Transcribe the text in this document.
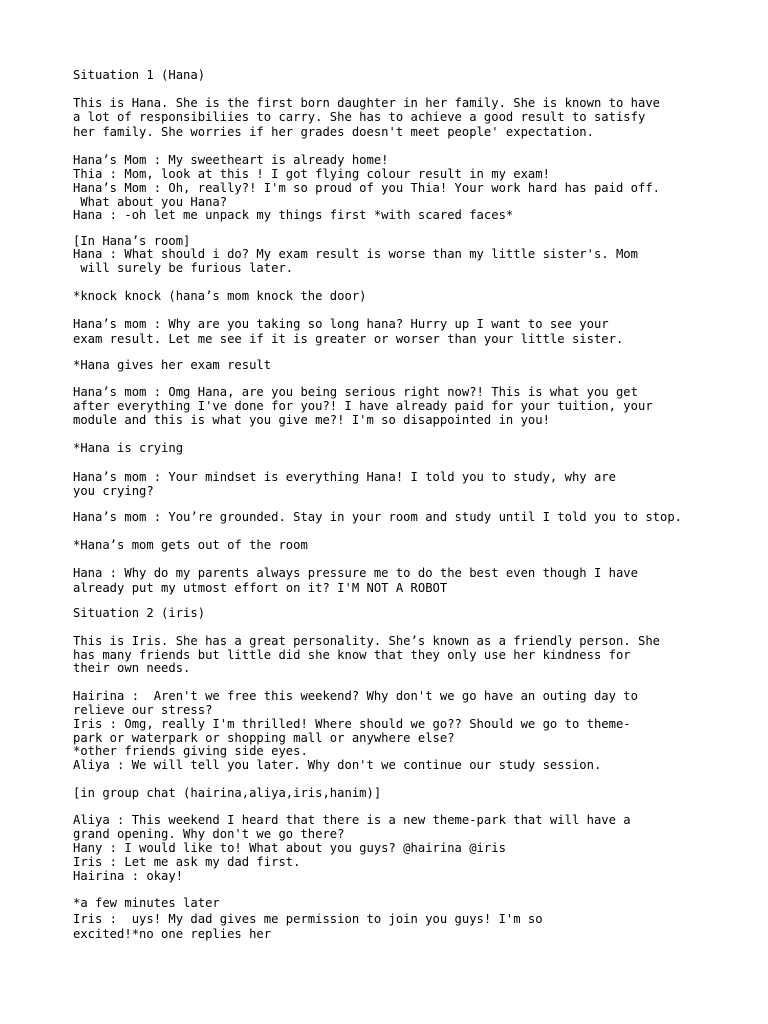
Situation 1 (Hana)

This is Hana. She is the first born daughter in her family. She is known to have

a lot of responsibiliies to carry. She has to achieve a good result to satisfy

her family. She worries if her grades doesn't meet people' expectation.

Hana’s Mom : My sweetheart is already home!

Thia : Mom, look at this ! I got flying colour result in my exam!

Hana’s Mom : Oh, really?! I'm so proud of you Thia! Your work hard has paid off.

What about you Hana?

Hana : -oh let me unpack my things first *with scared faces*

[In Hana’s room]

Hana : What should i do? My exam result is worse than my little sister's. Mom

will surely be furious later.

*knock knock (hana’s mom knock the door)

Hana’s mom : Why are you taking so long hana? Hurry up I want to see your

exam result. Let me see if it is greater or worser than your little sister.

*Hana gives her exam result

Hana’s mom : Omg Hana, are you being serious right now?! This is what you get

after everything I've done for you?! I have already paid for your tuition, your

module and this is what you give me?! I'm so disappointed in you!

*Hana is crying

Hana’s mom : Your mindset is everything Hana! I told you to study, why are

you crying?

Hana’s mom : You’re grounded. Stay in your room and study until I told you to stop.

*Hana’s mom gets out of the room

Hana : Why do my parents always pressure me to do the best even though I have

already put my utmost effort on it? I'M NOT A ROBOT

Situation 2 (iris)

This is Iris. She has a great personality. She’s known as a friendly person. She

has many friends but little did she know that they only use her kindness for

their own needs.

Hairina :  Aren't we free this weekend? Why don't we go have an outing day to

relieve our stress?

Iris : Omg, really I'm thrilled! Where should we go?? Should we go to theme-

park or waterpark or shopping mall or anywhere else?

*other friends giving side eyes.

Aliya : We will tell you later. Why don't we continue our study session.

[in group chat (hairina,aliya,iris,hanim)]

Aliya : This weekend I heard that there is a new theme-park that will have a

grand opening. Why don't we go there?

Hany : I would like to! What about you guys? @hairina @iris

Iris : Let me ask my dad first.

Hairina : okay!

*a few minutes later

Iris :  uys! My dad gives me permission to join you guys! I'm so

excited!*no one replies her
